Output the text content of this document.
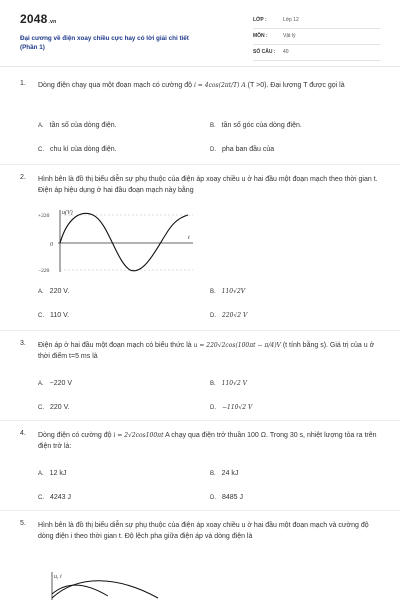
2048.vn
Đại cương về điện xoay chiều cực hay có lời giải chi tiết
(Phần 1)
LỚP :	Lớp 12
MÔN :	Vật lý
SỐ CÂU : 40
1. Dòng điện chạy qua một đoạn mạch có cường độ i = 4cos(2πt/T) A (T >0). Đại lượng T được gọi là
A. tần số của dòng điện.	B. tần số góc của dòng điện.
C. chu kì của dòng điện.	D. pha ban đầu của
2. Hình bên là đồ thị biểu diễn sự phụ thuộc của điện áp xoay chiều u ở hai đầu một đoạn mạch theo thời gian t. Điện áp hiệu dụng ở hai đầu đoạn mạch này bằng
u(V)
t
+220
0
−220
A. 220 V.	B. 110√2V
C. 110 V.	D. 220√2 V
3. Điện áp ở hai đầu một đoạn mạch có biểu thức là u = 220√2cos(100πt − π/4)V (t tính bằng s). Giá trị của u ở thời điểm t=5 ms là
A. −220 V	B. 110√2 V
C. 220 V.	D. −110√2 V
4. Dòng điện có cường độ i = 2√2cos100πt A chạy qua điện trở thuần 100 Ω. Trong 30 s, nhiệt lượng tỏa ra trên điện trở là:
A. 12 kJ	B. 24 kJ
C. 4243 J	D. 8485 J
5. Hình bên là đồ thị biểu diễn sự phụ thuộc của điện áp xoay chiều u ở hai đầu một đoạn mạch và cường độ dòng điện i theo thời gian t. Độ lệch pha giữa điện áp và dòng điện là
u, i
